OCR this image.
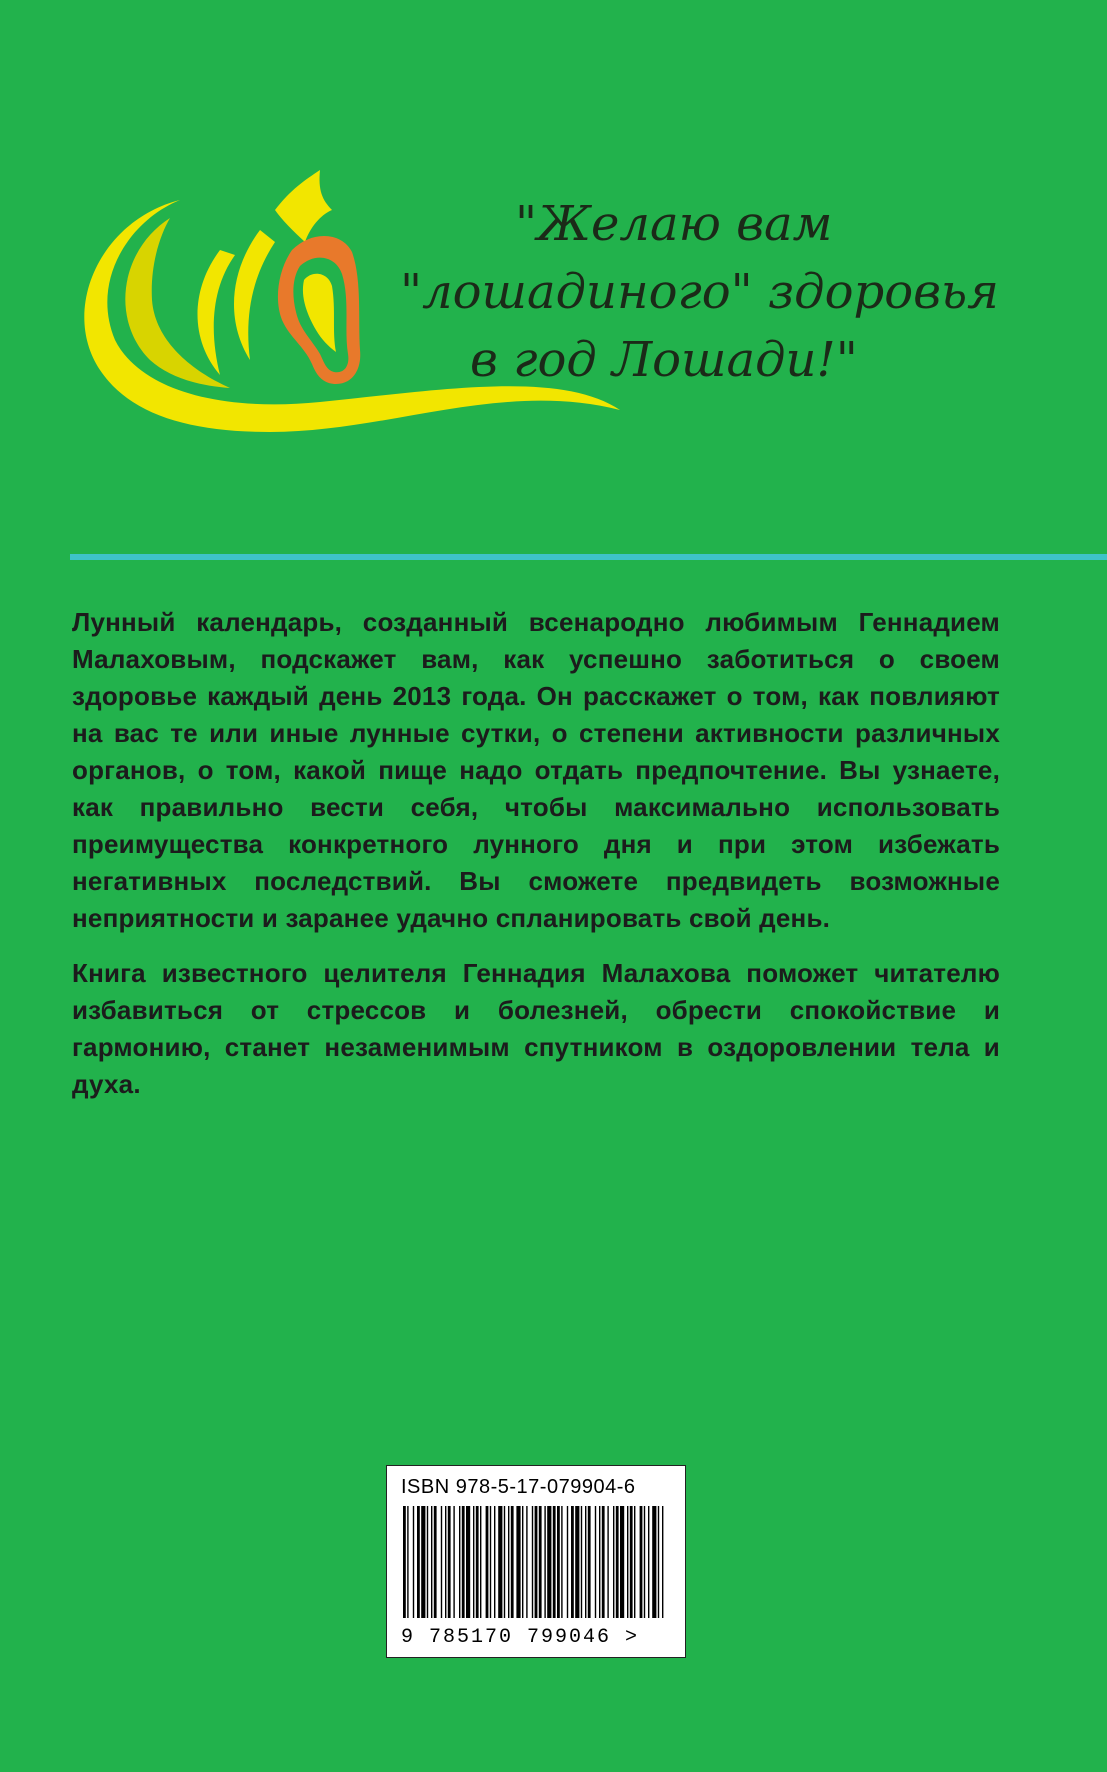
"Желаю вам
"лошадиного" здоровья
в год Лошади!"

Лунный календарь, созданный всенародно любимым Геннадием Малаховым, подскажет вам, как успешно заботиться о своем здоровье каждый день 2013 года. Он расскажет о том, как повлияют на вас те или иные лунные сутки, о степени активности различных органов, о том, какой пище надо отдать предпочтение. Вы узнаете, как правильно вести себя, чтобы максимально использовать преимущества конкретного лунного дня и при этом избежать негативных последствий. Вы сможете предвидеть возможные неприятности и заранее удачно спланировать свой день.

Книга известного целителя Геннадия Малахова поможет читателю избавиться от стрессов и болезней, обрести спокойствие и гармонию, станет незаменимым спутником в оздоровлении тела и духа.

ISBN 978-5-17-079904-6
9 785170 799046 >
